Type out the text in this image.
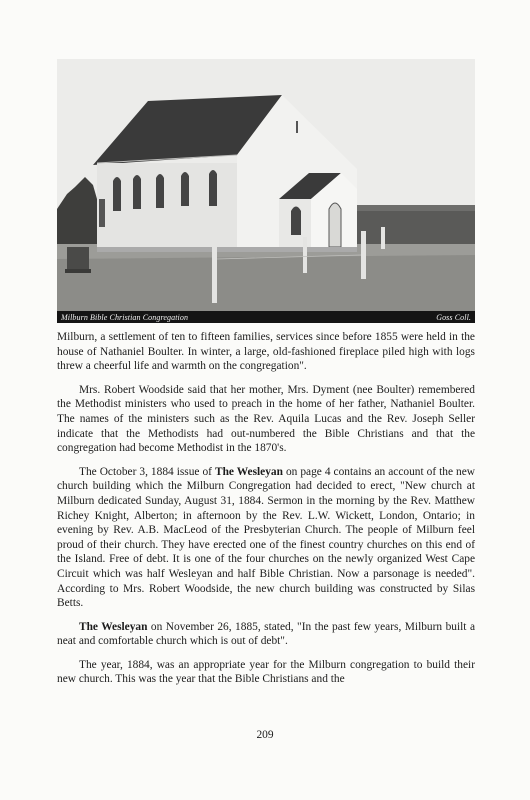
Milburn Bible Christian Congregation	Goss Coll.

Milburn, a settlement of ten to fifteen families, services since before 1855 were held in the house of Nathaniel Boulter. In winter, a large, old-fashioned fireplace piled high with logs threw a cheerful life and warmth on the congregation".

Mrs. Robert Woodside said that her mother, Mrs. Dyment (nee Boulter) remembered the Methodist ministers who used to preach in the home of her father, Nathaniel Boulter. The names of the ministers such as the Rev. Aquila Lucas and the Rev. Joseph Seller indicate that the Methodists had out-numbered the Bible Christians and that the congregation had become Methodist in the 1870's.

The October 3, 1884 issue of The Wesleyan on page 4 contains an account of the new church building which the Milburn Congregation had decided to erect, "New church at Milburn dedicated Sunday, August 31, 1884. Sermon in the morning by the Rev. Matthew Richey Knight, Alberton; in afternoon by the Rev. L.W. Wickett, London, Ontario; in evening by Rev. A.B. MacLeod of the Presbyterian Church. The people of Milburn feel proud of their church. They have erected one of the finest country churches on this end of the Island. Free of debt. It is one of the four churches on the newly organized West Cape Circuit which was half Wesleyan and half Bible Christian. Now a parsonage is needed". According to Mrs. Robert Woodside, the new church building was constructed by Silas Betts.

The Wesleyan on November 26, 1885, stated, "In the past few years, Milburn built a neat and comfortable church which is out of debt".

The year, 1884, was an appropriate year for the Milburn congregation to build their new church. This was the year that the Bible Christians and the

209
